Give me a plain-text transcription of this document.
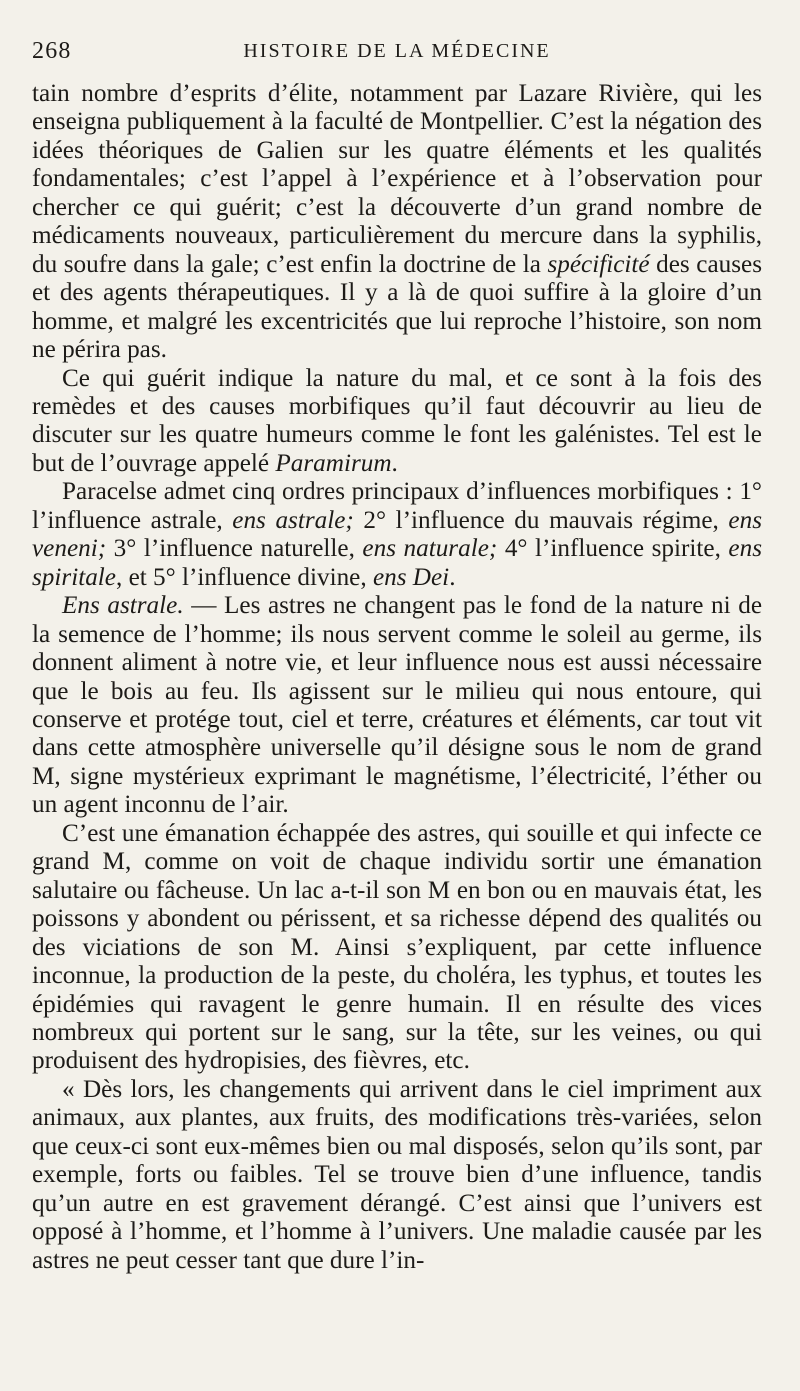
268	HISTOIRE DE LA MÉDECINE

tain nombre d’esprits d’élite, notamment par Lazare Rivière, qui les enseigna publiquement à la faculté de Montpellier. C’est la négation des idées théoriques de Galien sur les quatre éléments et les qualités fondamentales; c’est l’appel à l’expérience et à l’observation pour chercher ce qui guérit; c’est la découverte d’un grand nombre de médicaments nouveaux, particulièrement du mercure dans la syphilis, du soufre dans la gale; c’est enfin la doctrine de la spécificité des causes et des agents thérapeutiques. Il y a là de quoi suffire à la gloire d’un homme, et malgré les excentricités que lui reproche l’histoire, son nom ne périra pas.

Ce qui guérit indique la nature du mal, et ce sont à la fois des remèdes et des causes morbifiques qu’il faut découvrir au lieu de discuter sur les quatre humeurs comme le font les galénistes. Tel est le but de l’ouvrage appelé Paramirum.

Paracelse admet cinq ordres principaux d’influences morbifiques : 1° l’influence astrale, ens astrale; 2° l’influence du mauvais régime, ens veneni; 3° l’influence naturelle, ens naturale; 4° l’influence spirite, ens spiritale, et 5° l’influence divine, ens Dei.

Ens astrale. — Les astres ne changent pas le fond de la nature ni de la semence de l’homme; ils nous servent comme le soleil au germe, ils donnent aliment à notre vie, et leur influence nous est aussi nécessaire que le bois au feu. Ils agissent sur le milieu qui nous entoure, qui conserve et protége tout, ciel et terre, créatures et éléments, car tout vit dans cette atmosphère universelle qu’il désigne sous le nom de grand M, signe mystérieux exprimant le magnétisme, l’électricité, l’éther ou un agent inconnu de l’air.

C’est une émanation échappée des astres, qui souille et qui infecte ce grand M, comme on voit de chaque individu sortir une émanation salutaire ou fâcheuse. Un lac a-t-il son M en bon ou en mauvais état, les poissons y abondent ou périssent, et sa richesse dépend des qualités ou des viciations de son M. Ainsi s’expliquent, par cette influence inconnue, la production de la peste, du choléra, les typhus, et toutes les épidémies qui ravagent le genre humain. Il en résulte des vices nombreux qui portent sur le sang, sur la tête, sur les veines, ou qui produisent des hydropisies, des fièvres, etc.

« Dès lors, les changements qui arrivent dans le ciel impriment aux animaux, aux plantes, aux fruits, des modifications très-variées, selon que ceux-ci sont eux-mêmes bien ou mal disposés, selon qu’ils sont, par exemple, forts ou faibles. Tel se trouve bien d’une influence, tandis qu’un autre en est gravement dérangé. C’est ainsi que l’univers est opposé à l’homme, et l’homme à l’univers. Une maladie causée par les astres ne peut cesser tant que dure l’in-
